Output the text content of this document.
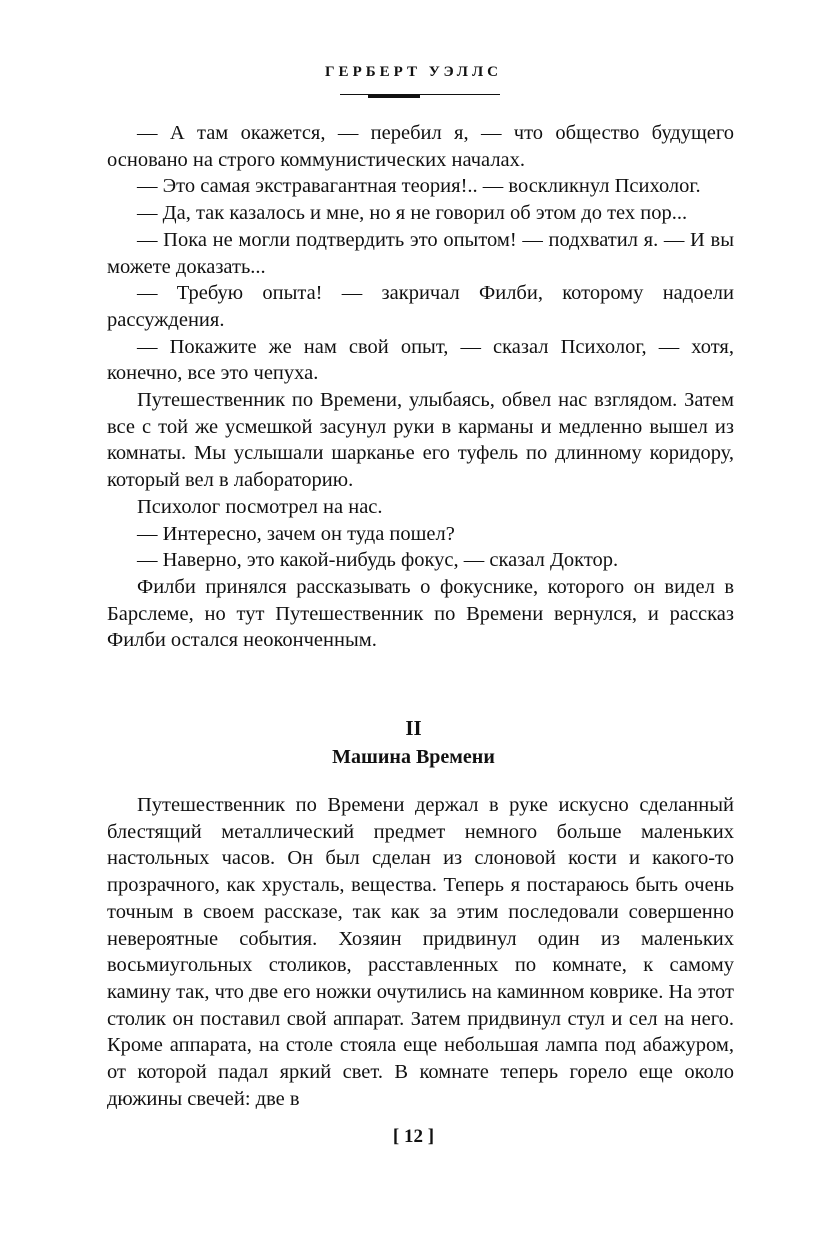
ГЕРБЕРТ УЭЛЛС

— А там окажется, — перебил я, — что общество будущего основано на строго коммунистических началах.

— Это самая экстравагантная теория!.. — воскликнул Психолог.

— Да, так казалось и мне, но я не говорил об этом до тех пор...

— Пока не могли подтвердить это опытом! — подхватил я. — И вы можете доказать...

— Требую опыта! — закричал Филби, которому надоели рассуждения.

— Покажите же нам свой опыт, — сказал Психолог, — хотя, конечно, все это чепуха.

Путешественник по Времени, улыбаясь, обвел нас взглядом. Затем все с той же усмешкой засунул руки в карманы и медленно вышел из комнаты. Мы услышали шарканье его туфель по длинному коридору, который вел в лабораторию.

Психолог посмотрел на нас.

— Интересно, зачем он туда пошел?

— Наверно, это какой-нибудь фокус, — сказал Доктор.

Филби принялся рассказывать о фокуснике, которого он видел в Барслеме, но тут Путешественник по Времени вернулся, и рассказ Филби остался неоконченным.

II
Машина Времени

Путешественник по Времени держал в руке искусно сделанный блестящий металлический предмет немного больше маленьких настольных часов. Он был сделан из слоновой кости и какого-то прозрачного, как хрусталь, вещества. Теперь я постараюсь быть очень точным в своем рассказе, так как за этим последовали совершенно невероятные события. Хозяин придвинул один из маленьких восьмиугольных столиков, расставленных по комнате, к самому камину так, что две его ножки очутились на каминном коврике. На этот столик он поставил свой аппарат. Затем придвинул стул и сел на него. Кроме аппарата, на столе стояла еще небольшая лампа под абажуром, от которой падал яркий свет. В комнате теперь горело еще около дюжины свечей: две в

[ 12 ]
